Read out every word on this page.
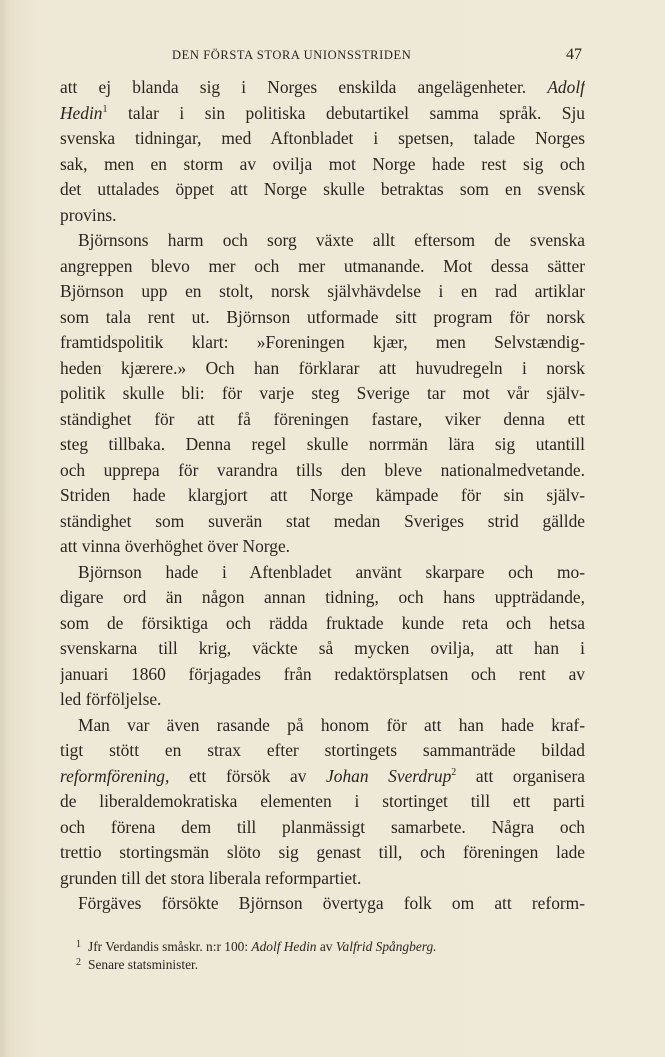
DEN FÖRSTA STORA UNIONSSTRIDEN	47
att ej blanda sig i Norges enskilda angelägenheter. Adolf
Hedin$^1$ talar i sin politiska debutartikel samma språk. Sju
svenska tidningar, med Aftonbladet i spetsen, talade Norges
sak, men en storm av ovilja mot Norge hade rest sig och
det uttalades öppet att Norge skulle betraktas som en svensk
provins.
Björnsons harm och sorg växte allt eftersom de svenska
angreppen blevo mer och mer utmanande. Mot dessa sätter
Björnson upp en stolt, norsk självhävdelse i en rad artiklar
som tala rent ut. Björnson utformade sitt program för norsk
framtidspolitik klart: »Foreningen kjær, men Selvstændig-
heden kjærere.» Och han förklarar att huvudregeln i norsk
politik skulle bli: för varje steg Sverige tar mot vår själv-
ständighet för att få föreningen fastare, viker denna ett
steg tillbaka. Denna regel skulle norrmän lära sig utantill
och upprepa för varandra tills den bleve nationalmedvetande.
Striden hade klargjort att Norge kämpade för sin själv-
ständighet som suverän stat medan Sveriges strid gällde
att vinna överhöghet över Norge.
Björnson hade i Aftenbladet använt skarpare och mo-
digare ord än någon annan tidning, och hans uppträdande,
som de försiktiga och rädda fruktade kunde reta och hetsa
svenskarna till krig, väckte så mycken ovilja, att han i
januari 1860 förjagades från redaktörsplatsen och rent av
led förföljelse.
Man var även rasande på honom för att han hade kraf-
tigt stött en strax efter stortingets sammanträde bildad
reformförening, ett försök av Johan Sverdrup$^2$ att organisera
de liberaldemokratiska elementen i stortinget till ett parti
och förena dem till planmässigt samarbete. Några och
trettio stortingsmän slöto sig genast till, och föreningen lade
grunden till det stora liberala reformpartiet.
Förgäves försökte Björnson övertyga folk om att reform-
1 Jfr Verdandis småskr. n:r 100: Adolf Hedin av Valfrid Spångberg.
2 Senare statsminister.
